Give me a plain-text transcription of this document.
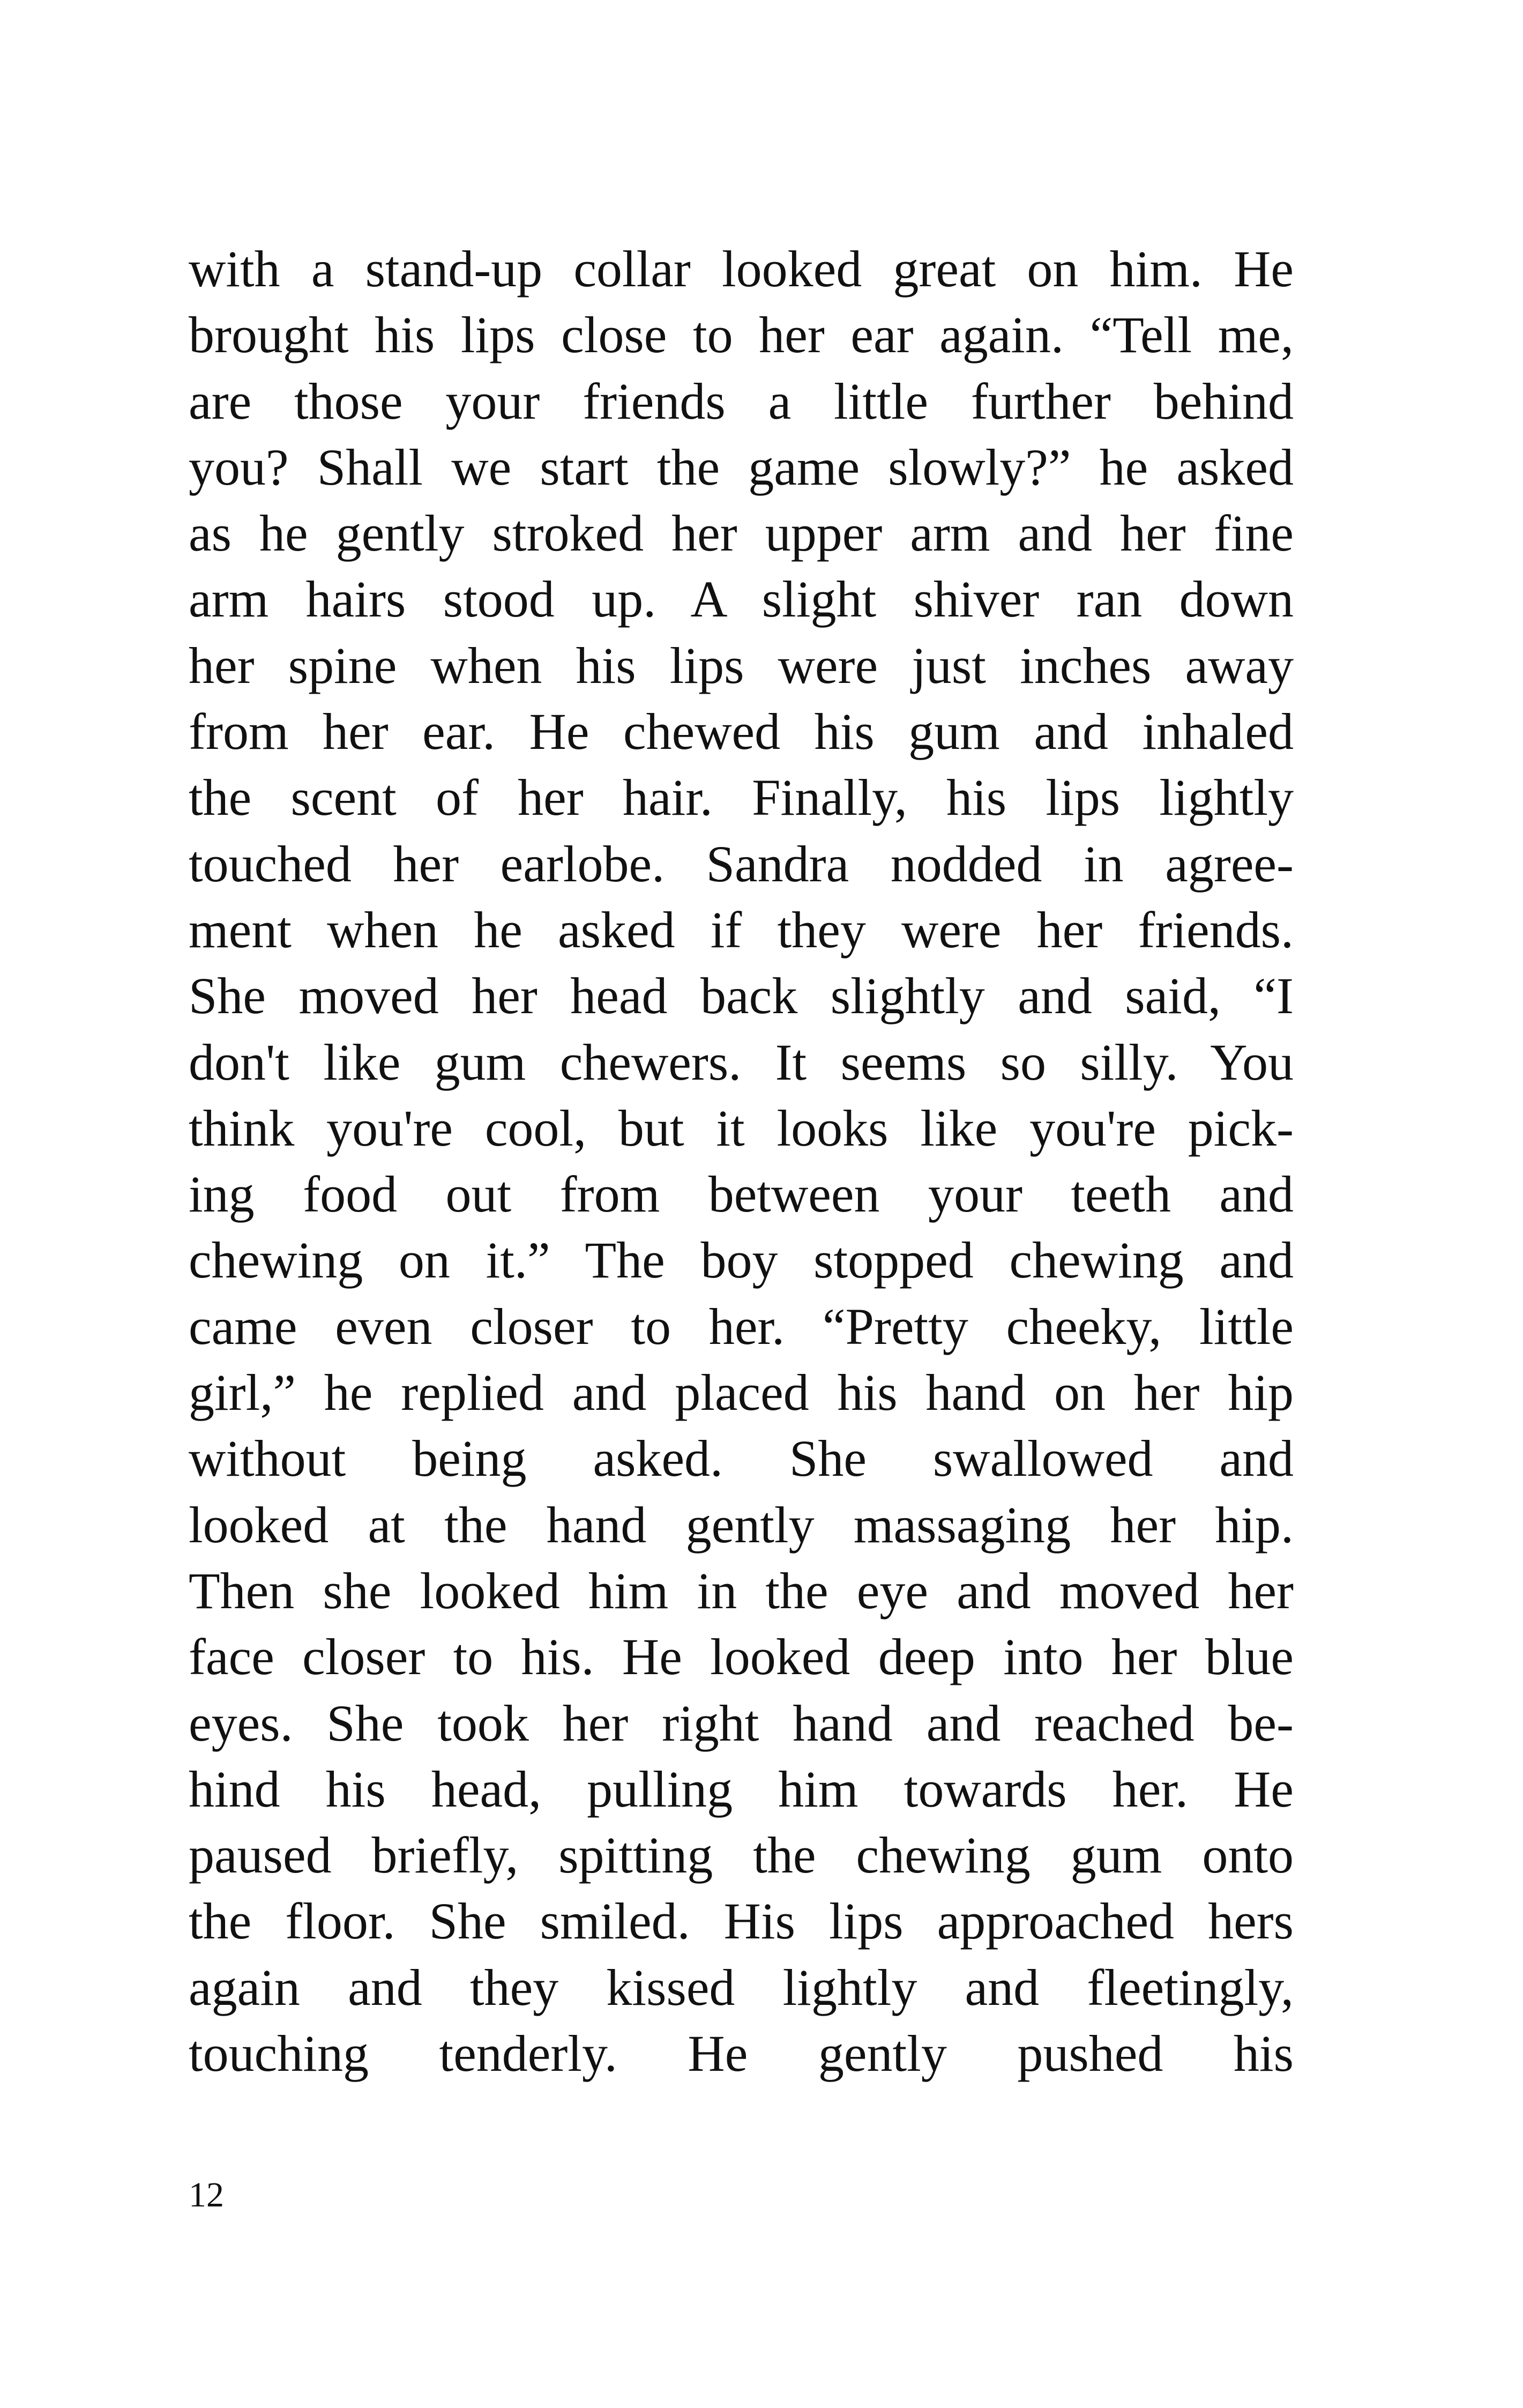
with a stand-up collar looked great on him. He
brought his lips close to her ear again. “Tell me,
are those your friends a little further behind
you? Shall we start the game slowly?” he asked
as he gently stroked her upper arm and her fine
arm hairs stood up. A slight shiver ran down
her spine when his lips were just inches away
from her ear. He chewed his gum and inhaled
the scent of her hair. Finally, his lips lightly
touched her earlobe. Sandra nodded in agree-
ment when he asked if they were her friends.
She moved her head back slightly and said, “I
don't like gum chewers. It seems so silly. You
think you're cool, but it looks like you're pick-
ing food out from between your teeth and
chewing on it.” The boy stopped chewing and
came even closer to her. “Pretty cheeky, little
girl,” he replied and placed his hand on her hip
without being asked. She swallowed and
looked at the hand gently massaging her hip.
Then she looked him in the eye and moved her
face closer to his. He looked deep into her blue
eyes. She took her right hand and reached be-
hind his head, pulling him towards her. He
paused briefly, spitting the chewing gum onto
the floor. She smiled. His lips approached hers
again and they kissed lightly and fleetingly,
touching tenderly. He gently pushed his
12
